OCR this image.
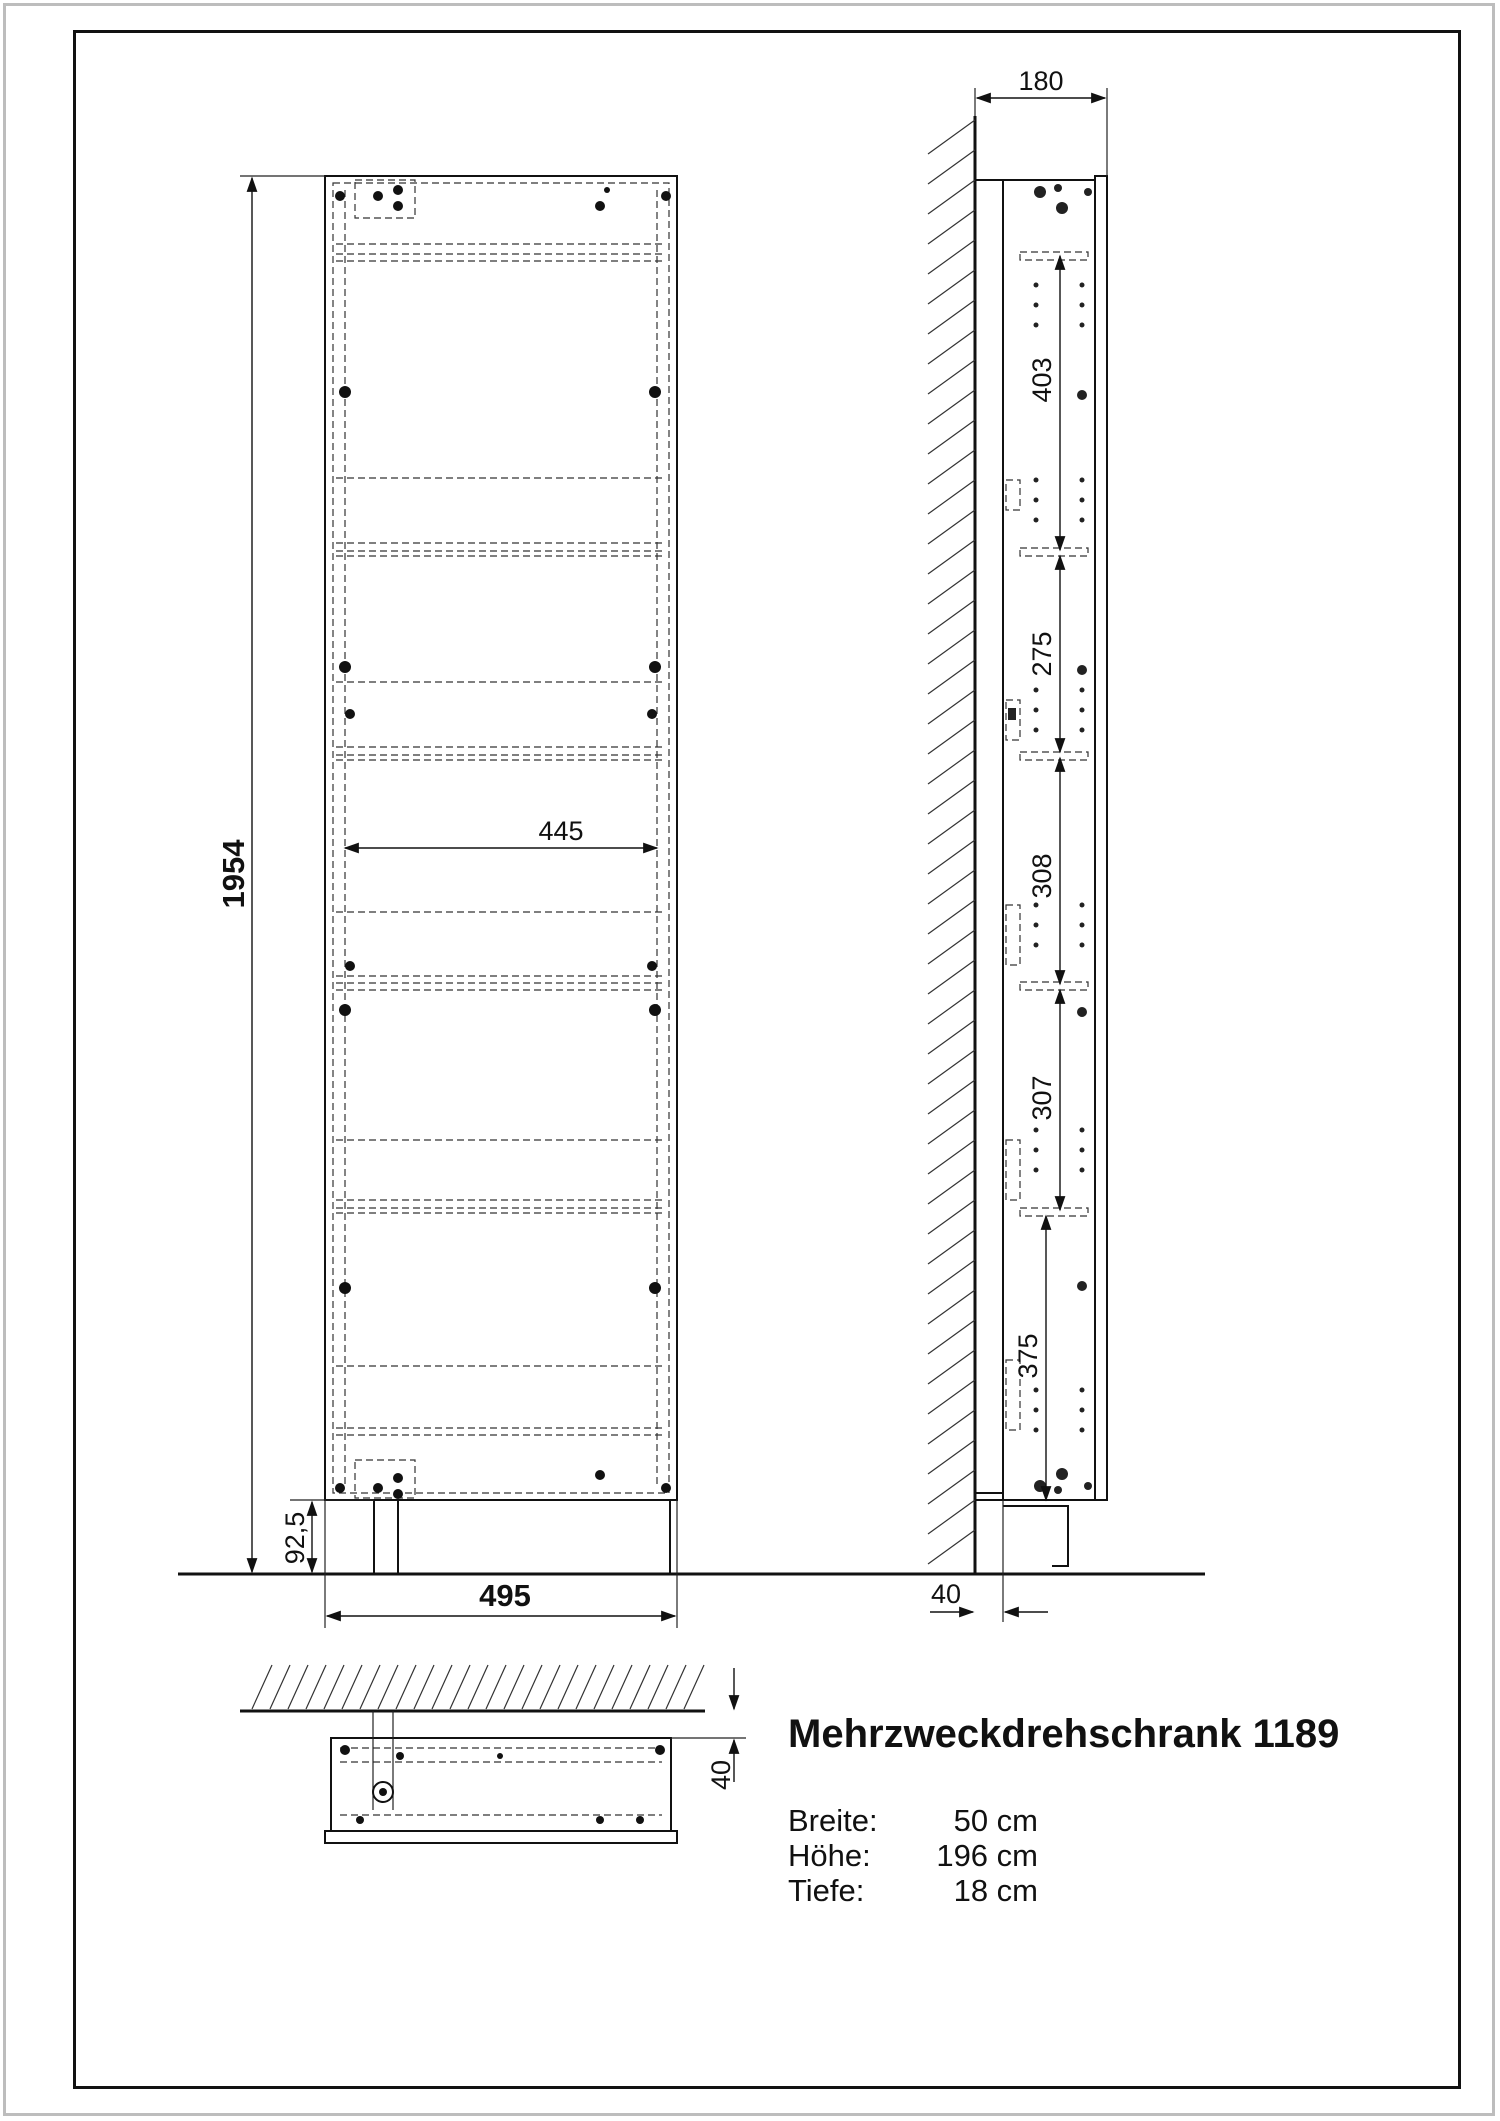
1954
92,5
445
495
180
40
403
275
308
307
375
40
Mehrzweckdrehschrank 1189
Breite:	50 cm
Höhe:	196 cm
Tiefe:	18 cm
